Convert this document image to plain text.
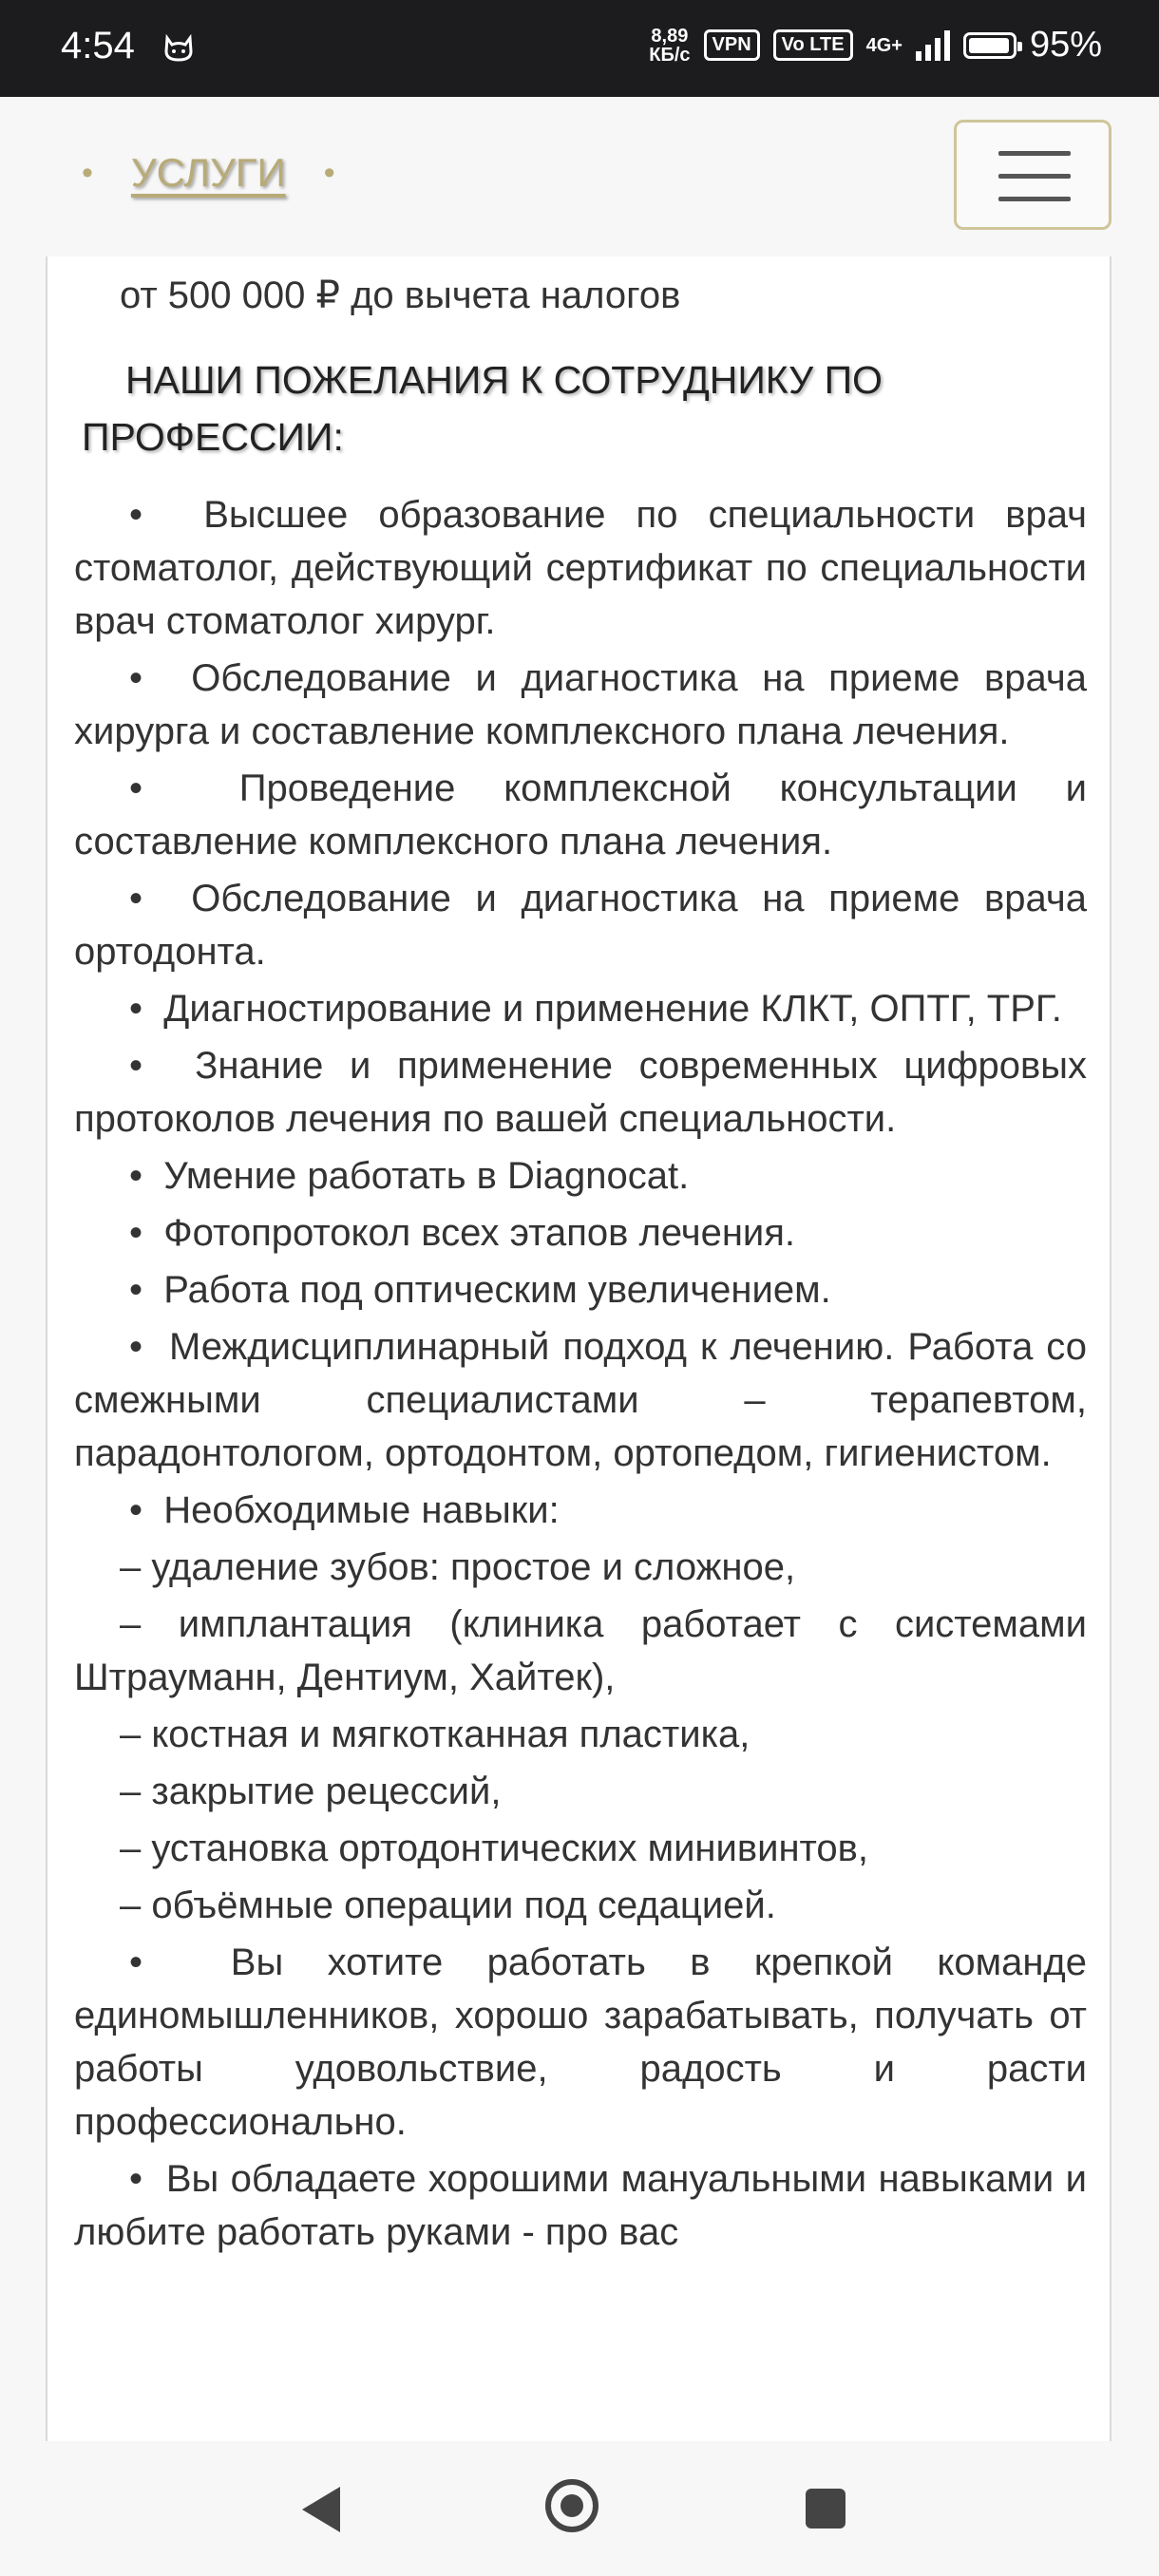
4:54	8,89
КБ/с	VPN	Vo LTE	4G+	95%
• УСЛУГИ •
от 500 000 ₽ до вычета налогов
НАШИ ПОЖЕЛАНИЯ К СОТРУДНИКУ ПО ПРОФЕССИИ:

•  Высшее образование по специальности врач стоматолог, действующий сертификат по специальности врач стоматолог хирург.

•  Обследование и диагностика на приеме врача хирурга и составление комплексного плана лечения.

•  Проведение комплексной консультации и составление комплексного плана лечения.

•  Обследование и диагностика на приеме врача ортодонта.

•  Диагностирование и применение КЛКТ, ОПТГ, ТРГ.

•  Знание и применение современных цифровых протоколов лечения по вашей специальности.

•  Умение работать в Diagnocat.

•  Фотопротокол всех этапов лечения.

•  Работа под оптическим увеличением.

•  Междисциплинарный подход к лечению. Работа со смежными специалистами – терапевтом, парадонтологом, ортодонтом, ортопедом, гигиенистом.

•  Необходимые навыки:

– удаление зубов: простое и сложное,

– имплантация (клиника работает с системами Штрауманн, Дентиум, Хайтек),

– костная и мягкотканная пластика,

– закрытие рецессий,

– установка ортодонтических минивинтов,

– объёмные операции под седацией.

•  Вы хотите работать в крепкой команде единомышленников, хорошо зарабатывать, получать от работы удовольствие, радость и расти профессионально.

•  Вы обладаете хорошими мануальными навыками и любите работать руками - про вас
